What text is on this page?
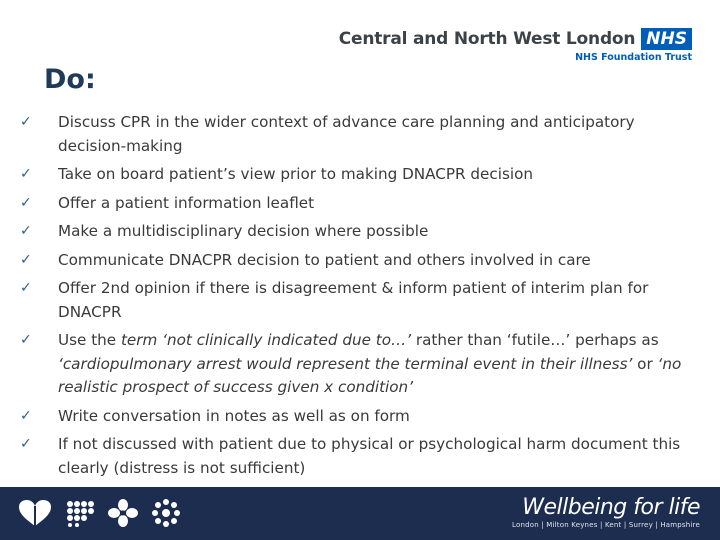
Central and North West London NHS
NHS Foundation Trust
Do:
✓	Discuss CPR in the wider context of advance care planning and anticipatory decision-making
✓	Take on board patient’s view prior to making DNACPR decision
✓	Offer a patient information leaflet
✓	Make a multidisciplinary decision where possible
✓	Communicate DNACPR decision to patient and others involved in care
✓	Offer 2nd opinion if there is disagreement & inform patient of interim plan for DNACPR
✓	Use the term ‘not clinically indicated due to…’ rather than ‘futile…’ perhaps as ‘cardiopulmonary arrest would represent the terminal event in their illness’ or ‘no realistic prospect of success given x condition’
✓	Write conversation in notes as well as on form
✓	If not discussed with patient due to physical or psychological harm document this clearly (distress is not sufficient)
Wellbeing for life
London | Milton Keynes | Kent | Surrey | Hampshire
